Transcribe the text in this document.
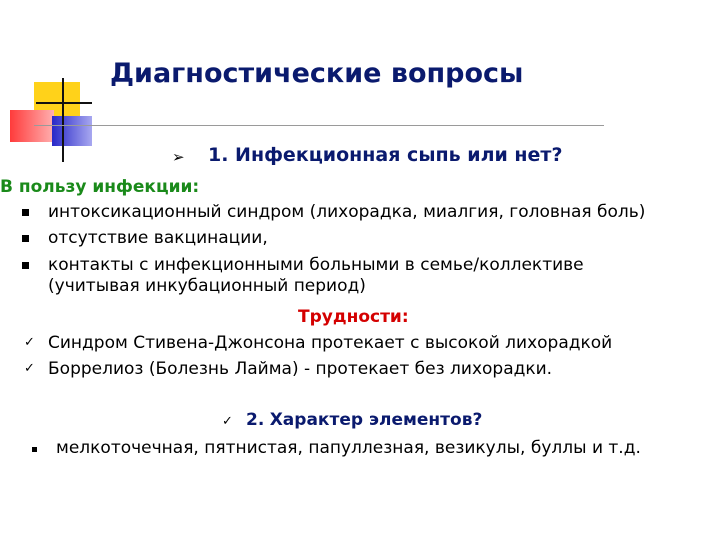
Диагностические вопросы
➢ 1. Инфекционная сыпь или нет?
В пользу инфекции:
интоксикационный синдром (лихорадка, миалгия, головная боль)
отсутствие вакцинации,
контакты с инфекционными больными в семье/коллективе
(учитывая инкубационный период)
Трудности:
✓ Синдром Стивена-Джонсона протекает с высокой лихорадкой
✓ Боррелиоз (Болезнь Лайма) - протекает без лихорадки.
✓ 2. Характер элементов?
мелкоточечная, пятнистая, папуллезная, везикулы, буллы и т.д.
